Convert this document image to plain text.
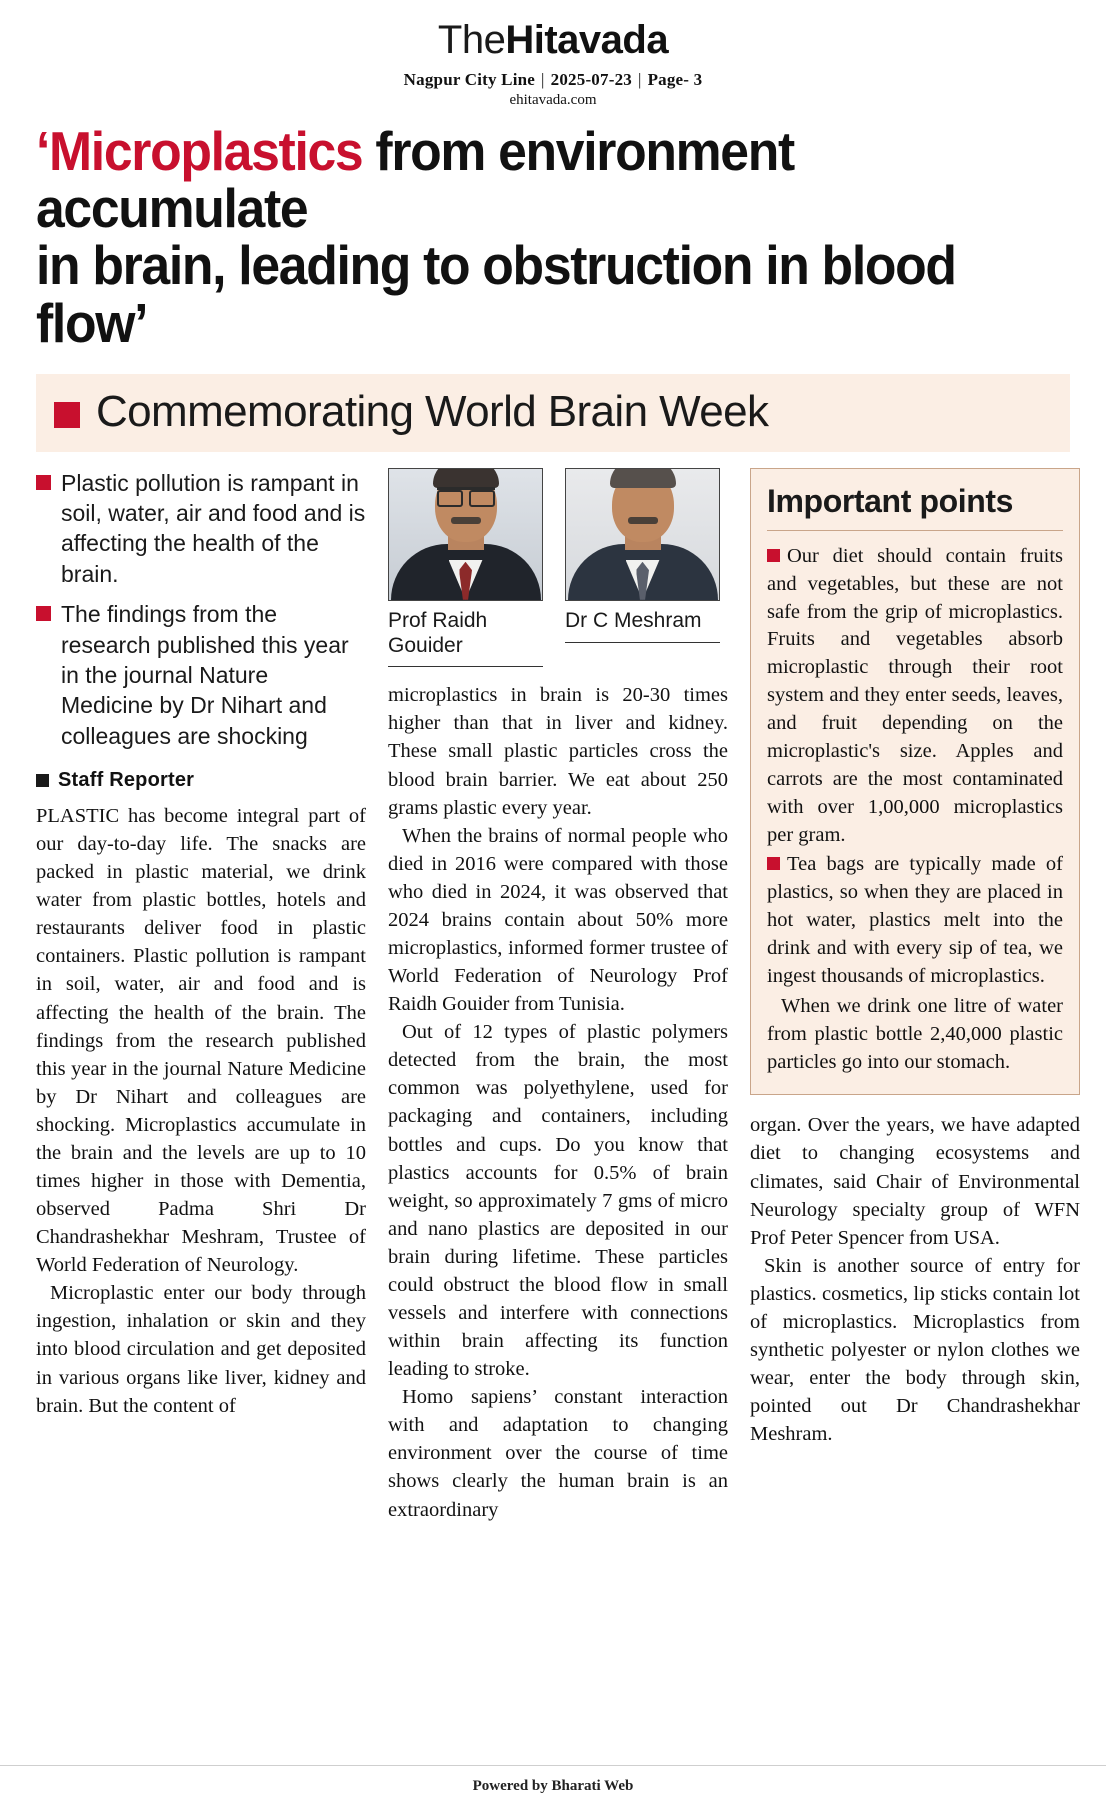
TheHitavada
Nagpur City Line | 2025-07-23 | Page- 3
ehitavada.com
‘Microplastics from environment accumulate
in brain, leading to obstruction in blood flow’
Commemorating World Brain Week
Plastic pollution is rampant in soil, water, air and food and is affecting the health of the brain.
The findings from the research published this year in the journal Nature Medicine by Dr Nihart and colleagues are shocking
Staff Reporter

PLASTIC has become integral part of our day-to-day life. The snacks are packed in plastic material, we drink water from plastic bottles, hotels and restaurants deliver food in plastic containers. Plastic pollution is rampant in soil, water, air and food and is affecting the health of the brain. The findings from the research published this year in the journal Nature Medicine by Dr Nihart and colleagues are shocking. Microplastics accumulate in the brain and the levels are up to 10 times higher in those with Dementia, observed Padma Shri Dr Chandrashekhar Meshram, Trustee of World Federation of Neurology.

Microplastic enter our body through ingestion, inhalation or skin and they into blood circulation and get deposited in various organs like liver, kidney and brain. But the content of

Prof Raidh Gouider
Dr C Meshram

microplastics in brain is 20-30 times higher than that in liver and kidney. These small plastic particles cross the blood brain barrier. We eat about 250 grams plastic every year.

When the brains of normal people who died in 2016 were compared with those who died in 2024, it was observed that 2024 brains contain about 50% more microplastics, informed former trustee of World Federation of Neurology Prof Raidh Gouider from Tunisia.

Out of 12 types of plastic polymers detected from the brain, the most common was polyethylene, used for packaging and containers, including bottles and cups. Do you know that plastics accounts for 0.5% of brain weight, so approximately 7 gms of micro and nano plastics are deposited in our brain during lifetime. These particles could obstruct the blood flow in small vessels and interfere with connections within brain affecting its function leading to stroke.

Homo sapiens’ constant interaction with and adaptation to changing environment over the course of time shows clearly the human brain is an extraordinary

Important points

Our diet should contain fruits and vegetables, but these are not safe from the grip of microplastics. Fruits and vegetables absorb microplastic through their root system and they enter seeds, leaves, and fruit depending on the microplastic's size. Apples and carrots are the most contaminated with over 1,00,000 microplastics per gram.

Tea bags are typically made of plastics, so when they are placed in hot water, plastics melt into the drink and with every sip of tea, we ingest thousands of microplastics.

When we drink one litre of water from plastic bottle 2,40,000 plastic particles go into our stomach.

organ. Over the years, we have adapted diet to changing ecosystems and climates, said Chair of Environmental Neurology specialty group of WFN Prof Peter Spencer from USA.

Skin is another source of entry for plastics. cosmetics, lip sticks contain lot of microplastics. Microplastics from synthetic polyester or nylon clothes we wear, enter the body through skin, pointed out Dr Chandrashekhar Meshram.

Powered by Bharati Web
